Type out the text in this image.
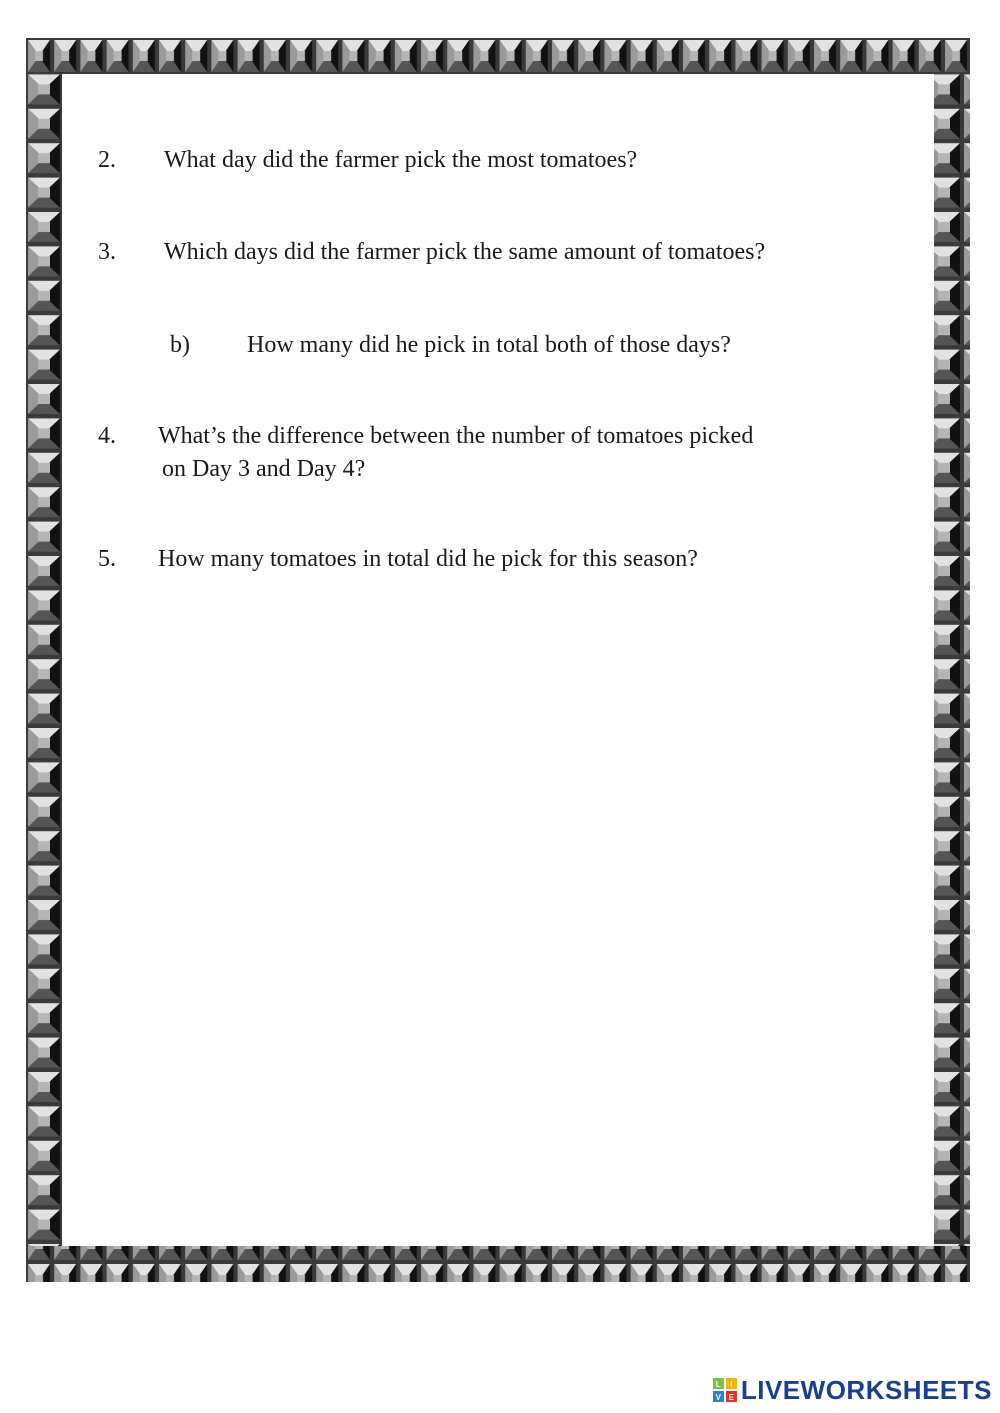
2. What day did the farmer pick the most tomatoes?
3. Which days did the farmer pick the same amount of tomatoes?
b) How many did he pick in total both of those days?
4. What’s the difference between the number of tomatoes picked
on Day 3 and Day 4?
5. How many tomatoes in total did he pick for this season?
L I
V E LIVEWORKSHEETS
